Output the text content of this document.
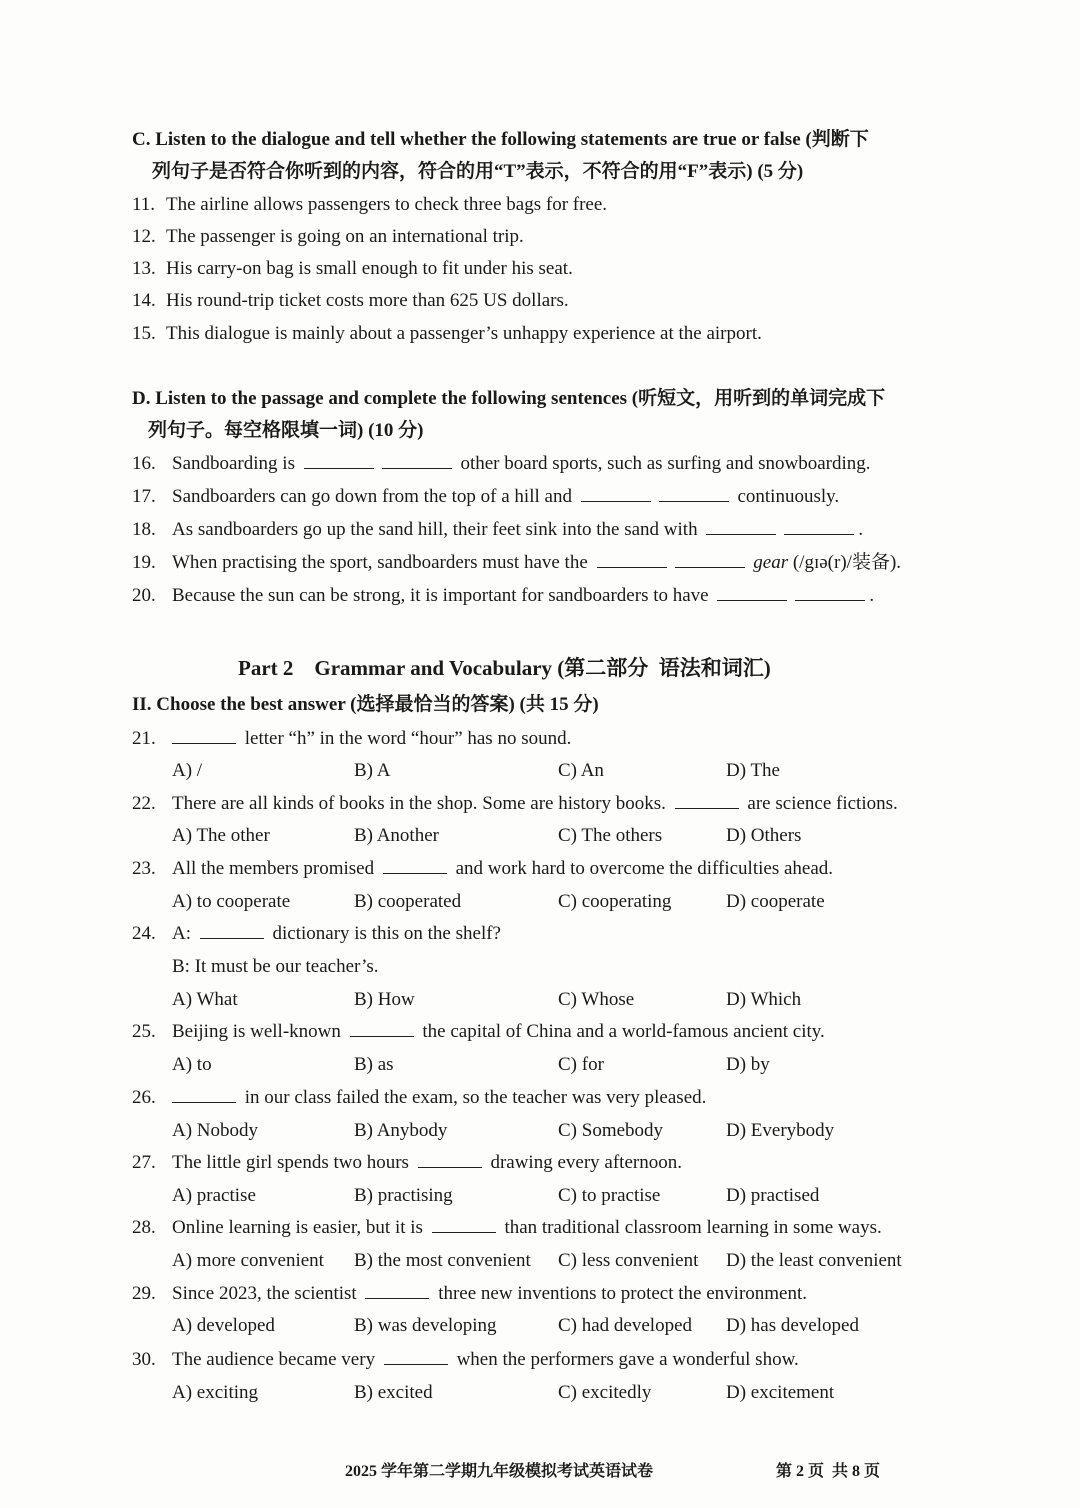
C. Listen to the dialogue and tell whether the following statements are true or false (判断下
列句子是否符合你听到的内容，符合的用“T”表示，不符合的用“F”表示) (5 分)
11. The airline allows passengers to check three bags for free.
12. The passenger is going on an international trip.
13. His carry-on bag is small enough to fit under his seat.
14. His round-trip ticket costs more than 625 US dollars.
15. This dialogue is mainly about a passenger’s unhappy experience at the airport.
D. Listen to the passage and complete the following sentences (听短文，用听到的单词完成下
列句子。每空格限填一词) (10 分)
16. Sandboarding is	other board sports, such as surfing and snowboarding.
17. Sandboarders can go down from the top of a hill and	continuously.
18. As sandboarders go up the sand hill, their feet sink into the sand with	.
19. When practising the sport, sandboarders must have the	gear (/gɪə(r)/装备).
20. Because the sun can be strong, it is important for sandboarders to have	.
Part 2    Grammar and Vocabulary (第二部分  语法和词汇)
II. Choose the best answer (选择最恰当的答案) (共 15 分)
21.	letter “h” in the word “hour” has no sound.
A) /	B) A	C) An	D) The
22. There are all kinds of books in the shop. Some are history books.	are science fictions.
A) The other	B) Another	C) The others	D) Others
23. All the members promised	and work hard to overcome the difficulties ahead.
A) to cooperate	B) cooperated	C) cooperating	D) cooperate
24. A:	dictionary is this on the shelf?
B: It must be our teacher’s.
A) What	B) How	C) Whose	D) Which
25. Beijing is well-known	the capital of China and a world-famous ancient city.
A) to	B) as	C) for	D) by
26.	in our class failed the exam, so the teacher was very pleased.
A) Nobody	B) Anybody	C) Somebody	D) Everybody
27. The little girl spends two hours	drawing every afternoon.
A) practise	B) practising	C) to practise	D) practised
28. Online learning is easier, but it is	than traditional classroom learning in some ways.
A) more convenient B) the most convenient C) less convenient D) the least convenient
29. Since 2023, the scientist	three new inventions to protect the environment.
A) developed	B) was developing	C) had developed D) has developed
30. The audience became very	when the performers gave a wonderful show.
A) exciting	B) excited	C) excitedly	D) excitement
2025 学年第二学期九年级模拟考试英语试卷	第 2 页  共 8 页
